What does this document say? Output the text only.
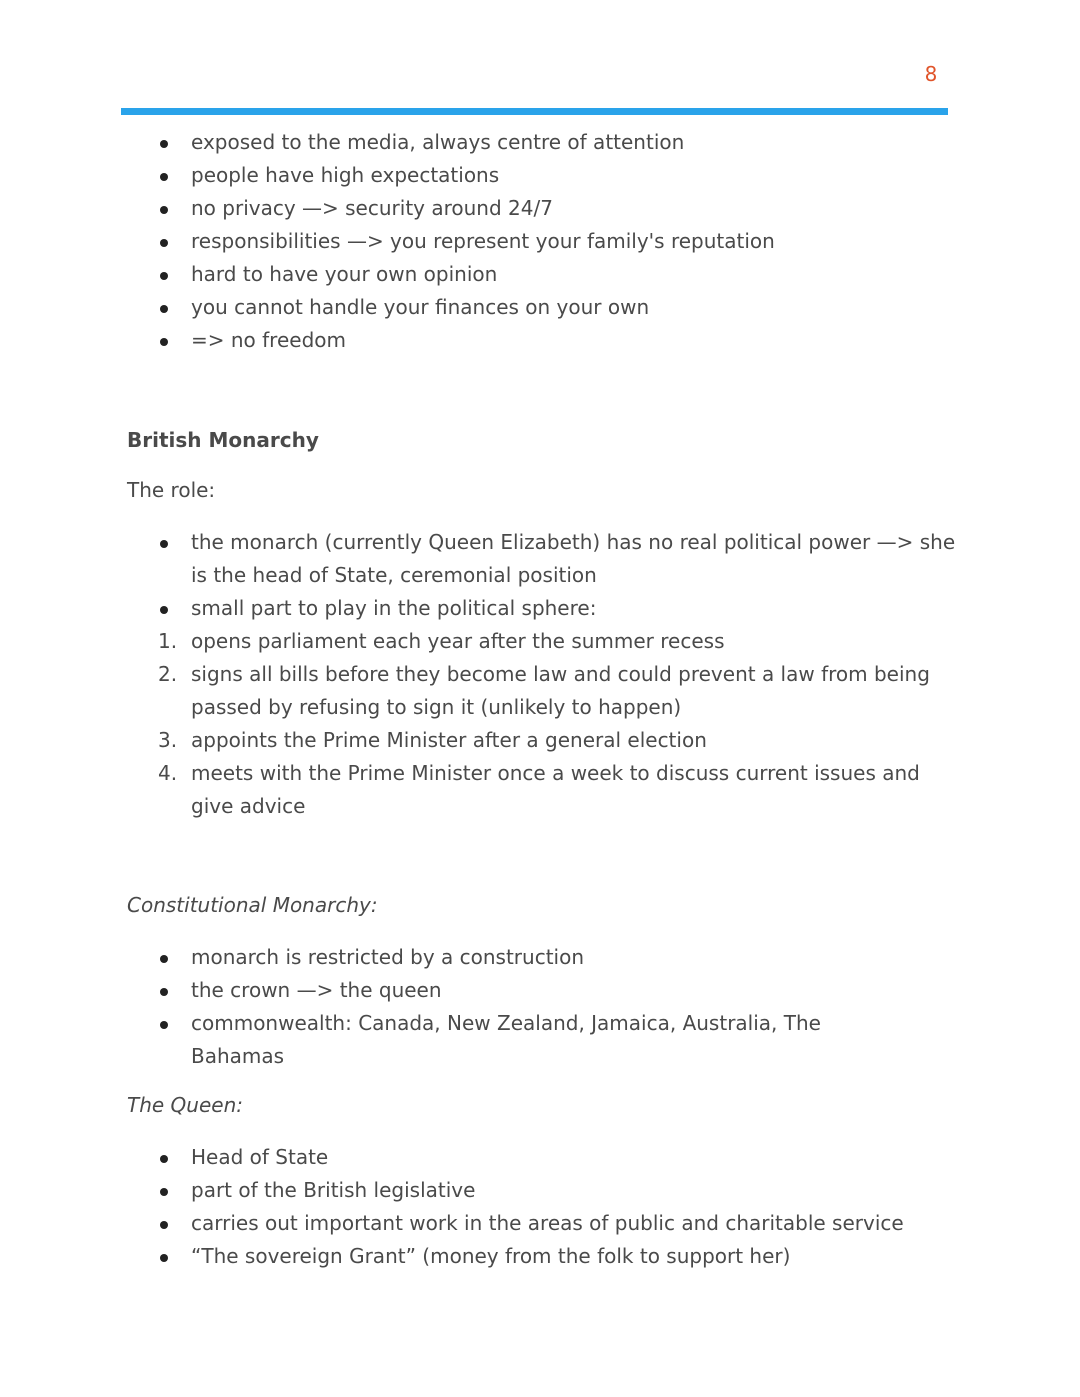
8
exposed to the media, always centre of attention
people have high expectations
no privacy —> security around 24/7
responsibilities —> you represent your family's reputation
hard to have your own opinion
you cannot handle your finances on your own
=> no freedom
British Monarchy
The role:
the monarch (currently Queen Elizabeth) has no real political power —> she is the head of State, ceremonial position
small part to play in the political sphere:
1. opens parliament each year after the summer recess
2. signs all bills before they become law and could prevent a law from being passed by refusing to sign it (unlikely to happen)
3. appoints the Prime Minister after a general election
4. meets with the Prime Minister once a week to discuss current issues and give advice
Constitutional Monarchy:
monarch is restricted by a construction
the crown —> the queen
commonwealth: Canada, New Zealand, Jamaica, Australia, The Bahamas
The Queen:
Head of State
part of the British legislative
carries out important work in the areas of public and charitable service
“The sovereign Grant” (money from the folk to support her)
